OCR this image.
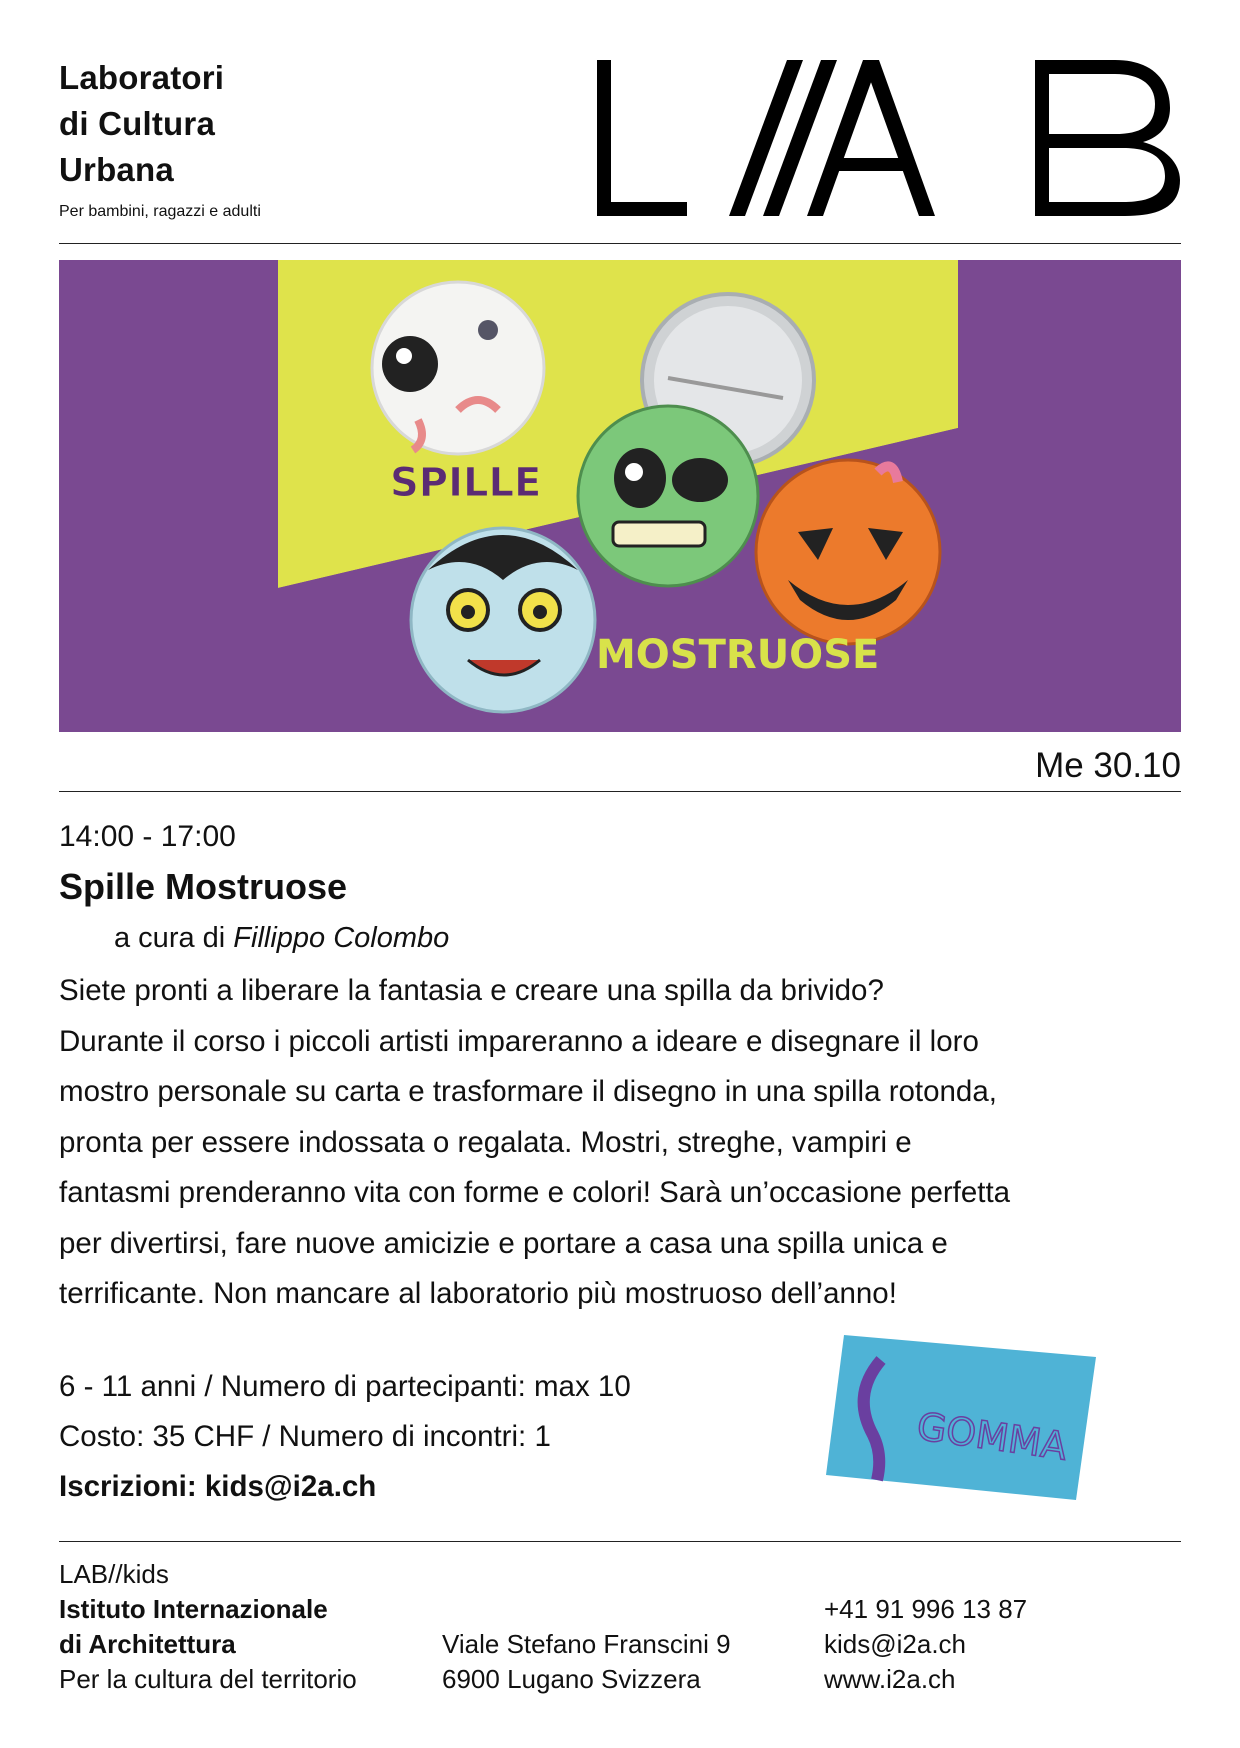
Laboratori
di Cultura
Urbana
Per bambini, ragazzi e adulti
SPILLE
MOSTRUOSE
Me 30.10
14:00 - 17:00
Spille Mostruose
a cura di Fillippo Colombo

Siete pronti a liberare la fantasia e creare una spilla da brivido?

Durante il corso i piccoli artisti impareranno a ideare e disegnare il loro

mostro personale su carta e trasformare il disegno in una spilla rotonda,

pronta per essere indossata o regalata. Mostri, streghe, vampiri e

fantasmi prenderanno vita con forme e colori! Sarà un’occasione perfetta

per divertirsi, fare nuove amicizie e portare a casa una spilla unica e

terrificante. Non mancare al laboratorio più mostruoso dell’anno!

6 - 11 anni / Numero di partecipanti: max 10
Costo: 35 CHF / Numero di incontri: 1
Iscrizioni: kids@i2a.ch
GOMMA
LAB//kids
Istituto Internazionale
di Architettura
Per la cultura del territorio
Viale Stefano Franscini 9
6900 Lugano Svizzera
+41 91 996 13 87
kids@i2a.ch
www.i2a.ch
